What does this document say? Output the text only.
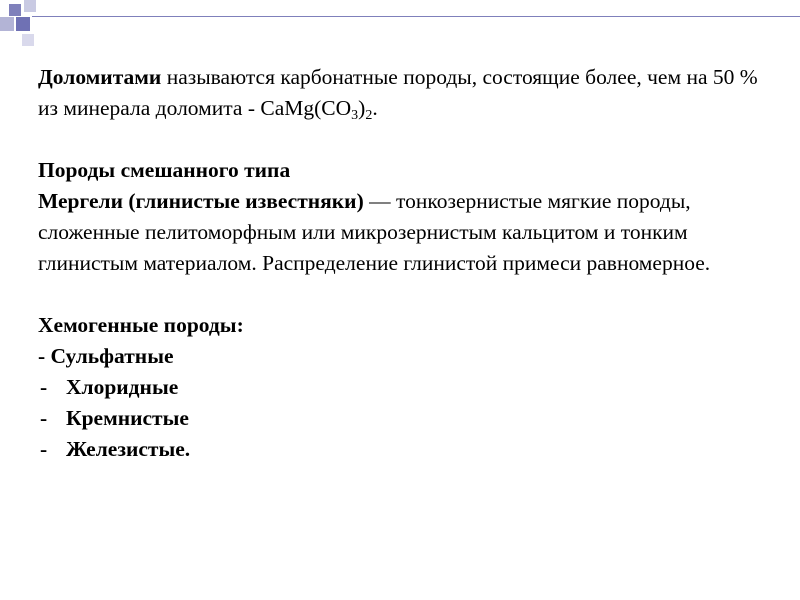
Доломитами называются карбонатные породы, состоящие более, чем на 50 % из минерала доломита - $CaMg(CO_3)_2$.

Породы смешанного типа

Мергели (глинистые известняки) — тонкозернистые мягкие породы, сложенные пелитоморфным или микрозернистым кальцитом и тонким глинистым материалом. Распределение глинистой примеси равномерное.

Хемогенные породы:

- Сульфатные

- Хлоридные

- Кремнистые

- Железистые.
